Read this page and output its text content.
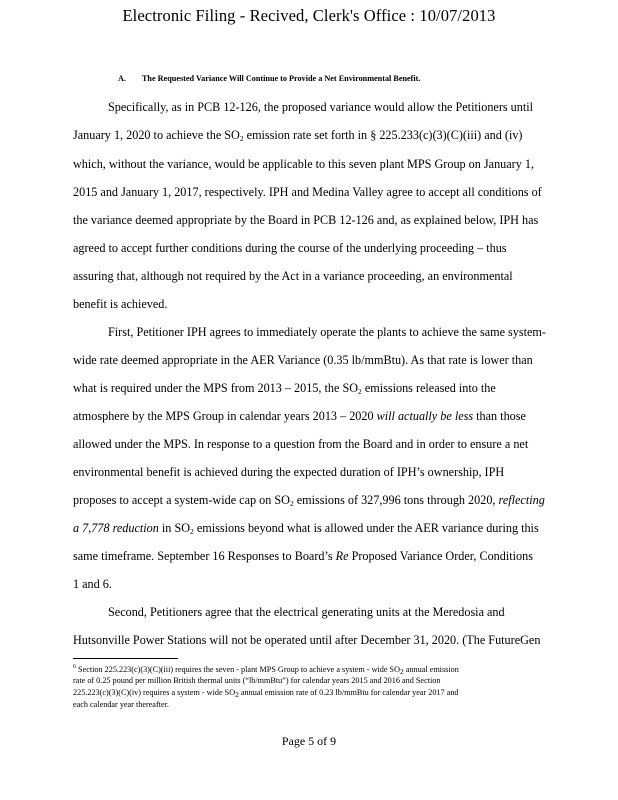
Electronic Filing - Recived, Clerk's Office : 10/07/2013
A. The Requested Variance Will Continue to Provide a Net Environmental Benefit.
Specifically, as in PCB 12-126, the proposed variance would allow the Petitioners until
January 1, 2020 to achieve the $SO_2$ emission rate set forth in § 225.233(c)(3)(C)(iii) and (iv)
which, without the variance, would be applicable to this seven plant MPS Group on January 1,
2015 and January 1, 2017, respectively. IPH and Medina Valley agree to accept all conditions of
the variance deemed appropriate by the Board in PCB 12-126 and, as explained below, IPH has
agreed to accept further conditions during the course of the underlying proceeding – thus
assuring that, although not required by the Act in a variance proceeding, an environmental
benefit is achieved.
First, Petitioner IPH agrees to immediately operate the plants to achieve the same system-
wide rate deemed appropriate in the AER Variance (0.35 lb/mmBtu). As that rate is lower than
what is required under the MPS from 2013 – 2015, the $SO_2$ emissions released into the
atmosphere by the MPS Group in calendar years 2013 – 2020 will actually be less than those
allowed under the MPS. In response to a question from the Board and in order to ensure a net
environmental benefit is achieved during the expected duration of IPH’s ownership, IPH
proposes to accept a system-wide cap on $SO_2$ emissions of 327,996 tons through 2020, reflecting
a 7,778 reduction in $SO_2$ emissions beyond what is allowed under the AER variance during this
same timeframe. September 16 Responses to Board’s Re Proposed Variance Order, Conditions
1 and 6.
Second, Petitioners agree that the electrical generating units at the Meredosia and
Hutsonville Power Stations will not be operated until after December 31, 2020. (The FutureGen
$^6$ Section 225.223(c)(3)(C)(iii) requires the seven - plant MPS Group to achieve a system - wide $SO_2$ annual emission
rate of 0.25 pound per million British thermal units (“lb/mmBtu”) for calendar years 2015 and 2016 and Section
225.223(c)(3)(C)(iv) requires a system - wide $SO_2$ annual emission rate of 0.23 lb/mmBtu for calendar year 2017 and
each calendar year thereafter.
Page 5 of 9
